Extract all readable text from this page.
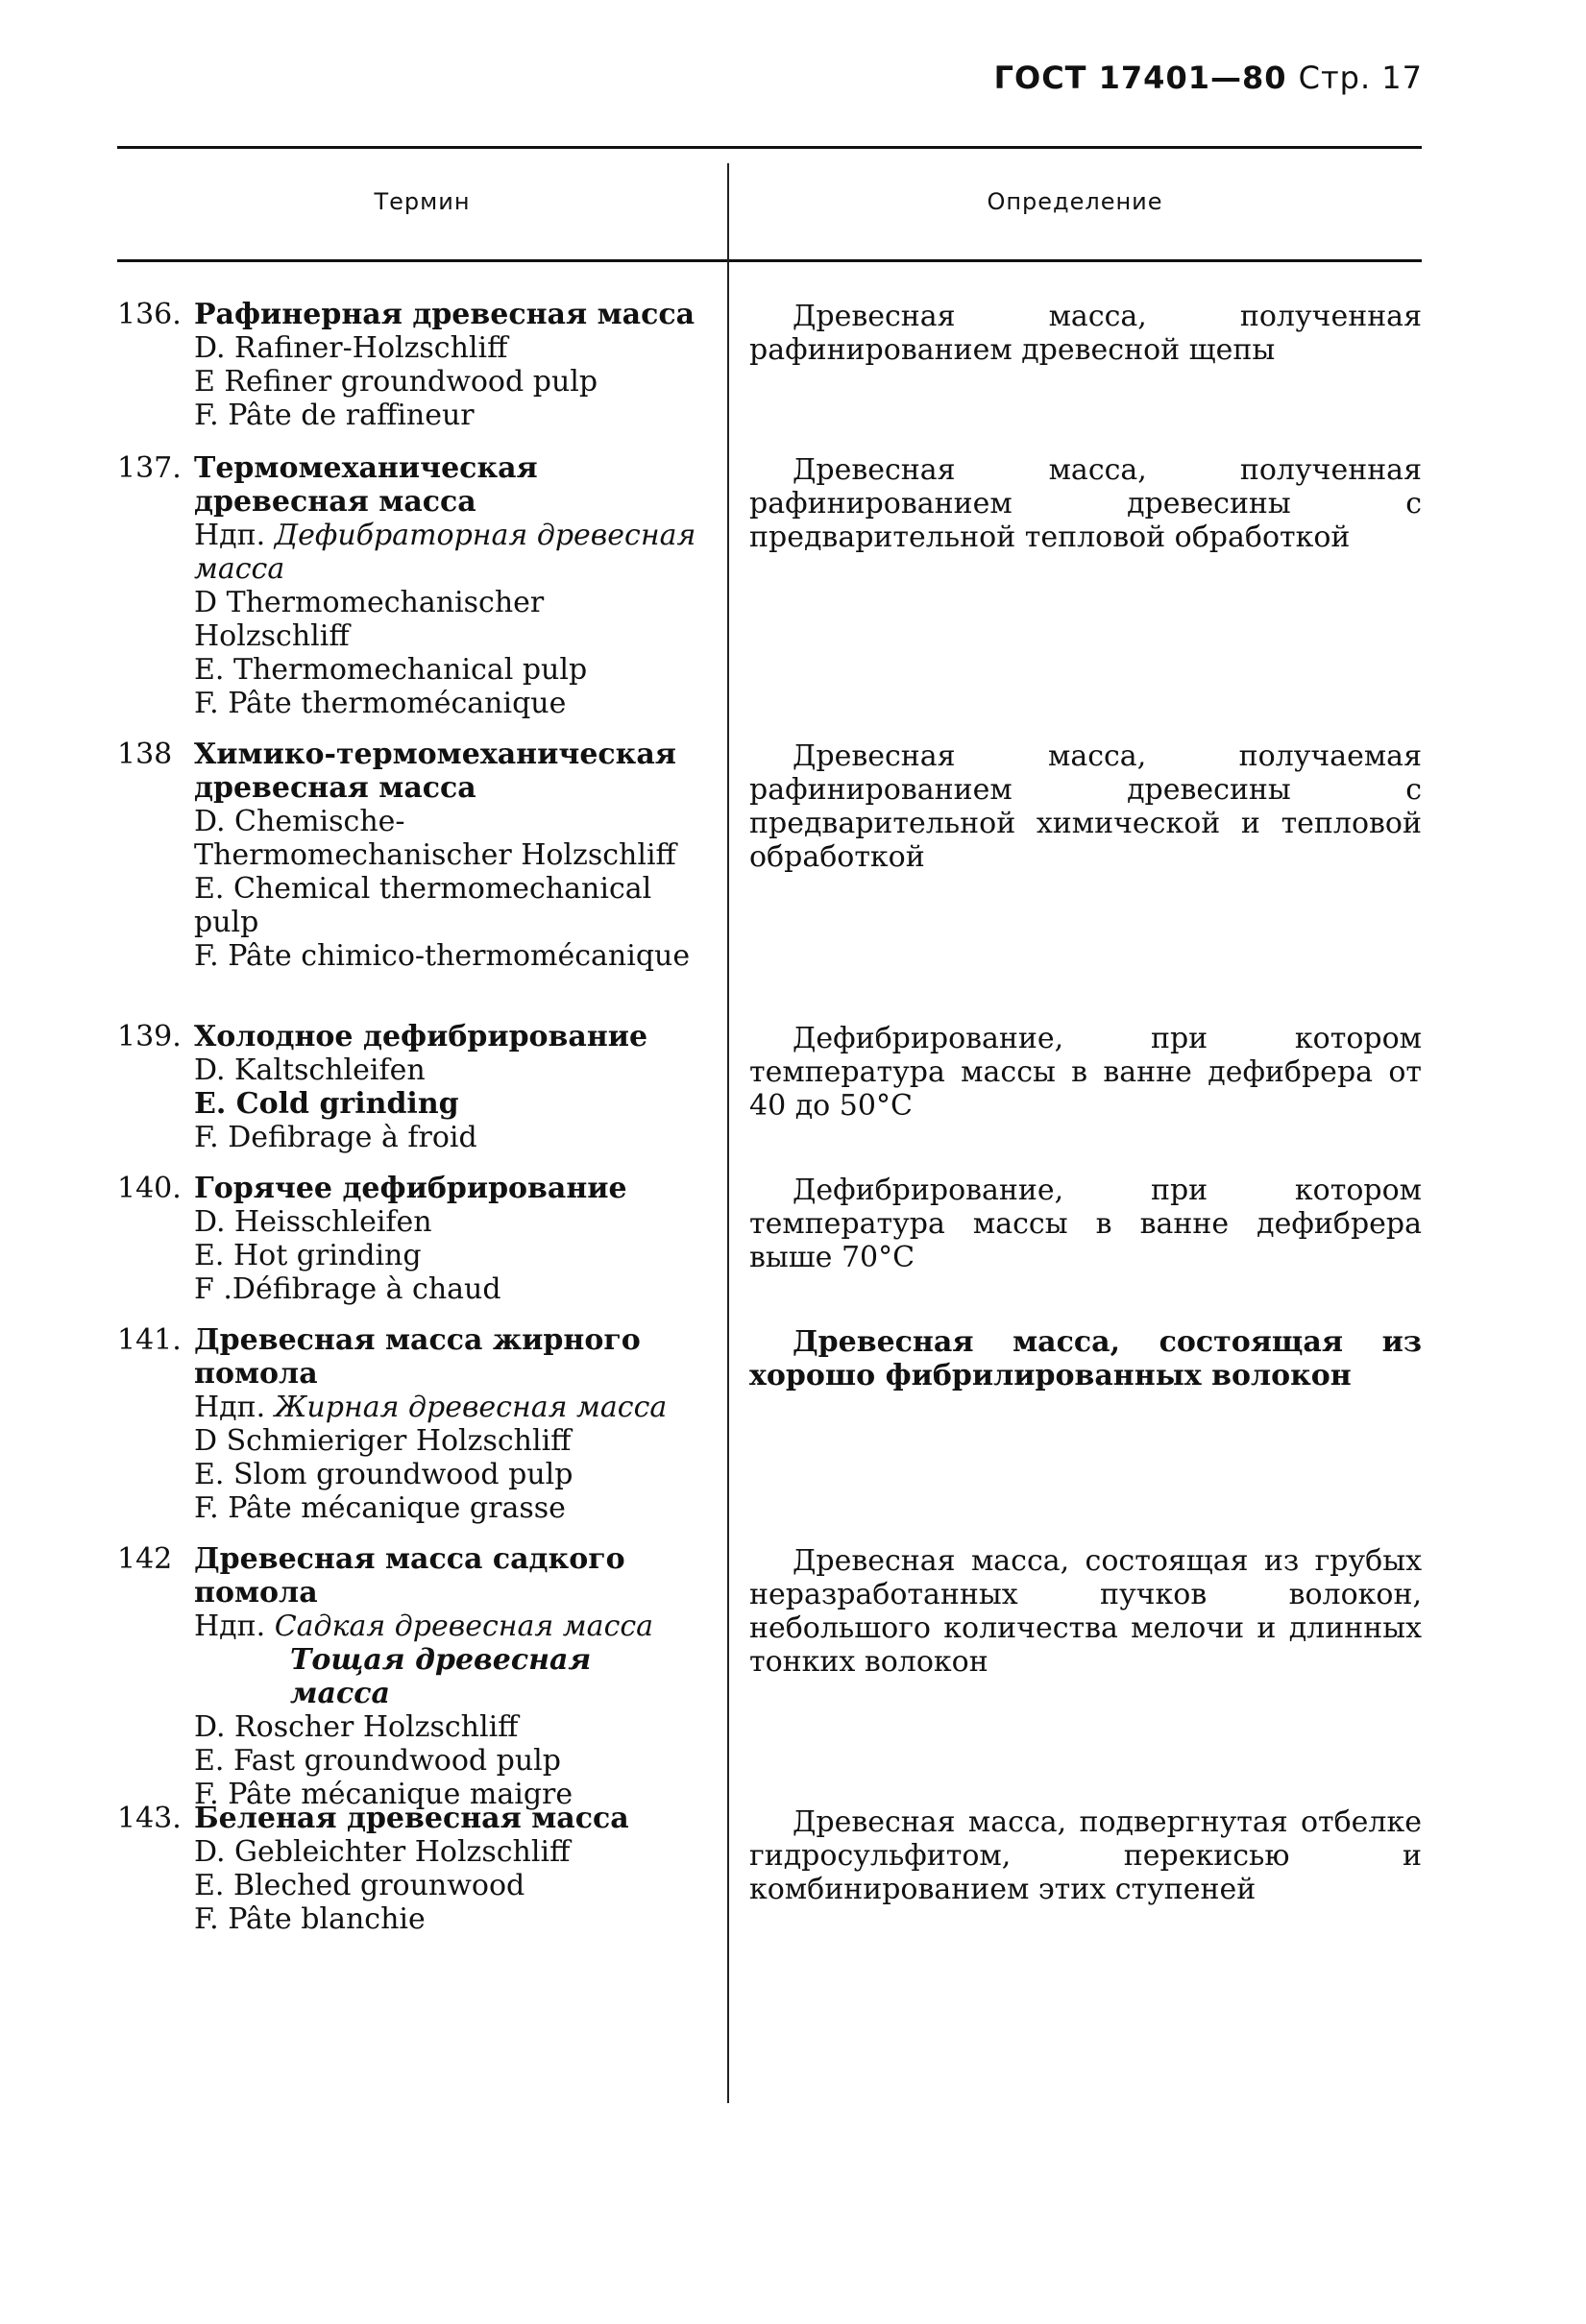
ГОСТ 17401—80 Стр. 17
Термин	Определение
136. Рафинерная древесная масса
D. Rafiner-Holzschliff
E Refiner groundwood pulp
F. Pâte de raffineur
Древесная масса, полученная рафинированием древесной щепы
137. Термомеханическая древесная масса
Ндп. Дефибраторная древесная масса
D Thermomechanischer Holzschliff
E. Thermomechanical pulp
F. Pâte thermomécanique
Древесная масса, полученная рафинированием древесины с предварительной тепловой обработкой
138 Химико-термомеханическая древесная масса
D. Chemische-Thermomechanischer Holzschliff
E. Chemical thermomechanical pulp
F. Pâte chimico-thermomécanique
Древесная масса, получаемая рафинированием древесины с предварительной химической и тепловой обработкой
139. Холодное дефибрирование
D. Kaltschleifen
E. Cold grinding
F. Defibrage à froid
Дефибрирование, при котором температура массы в ванне дефибрера от 40 до 50°C
140. Горячее дефибрирование
D. Heisschleifen
E. Hot grinding
F .Défibrage à chaud
Дефибрирование, при котором температура массы в ванне дефибрера выше 70°C
141. Древесная масса жирного помола
Ндп. Жирная древесная масса
D Schmieriger Holzschliff
E. Slom groundwood pulp
F. Pâte mécanique grasse
Древесная масса, состоящая из хорошо фибрилированных волокон
142 Древесная масса садкого помола
Ндп. Садкая древесная масса
Тощая древесная масса
D. Roscher Holzschliff
E. Fast groundwood pulp
F. Pâte mécanique maigre
Древесная масса, состоящая из грубых неразработанных пучков волокон, небольшого количества мелочи и длинных тонких волокон
143. Беленая древесная масса
D. Gebleichter Holzschliff
E. Bleched grounwood
F. Pâte blanchie
Древесная масса, подвергнутая отбелке гидросульфитом, перекисью и комбинированием этих ступеней
